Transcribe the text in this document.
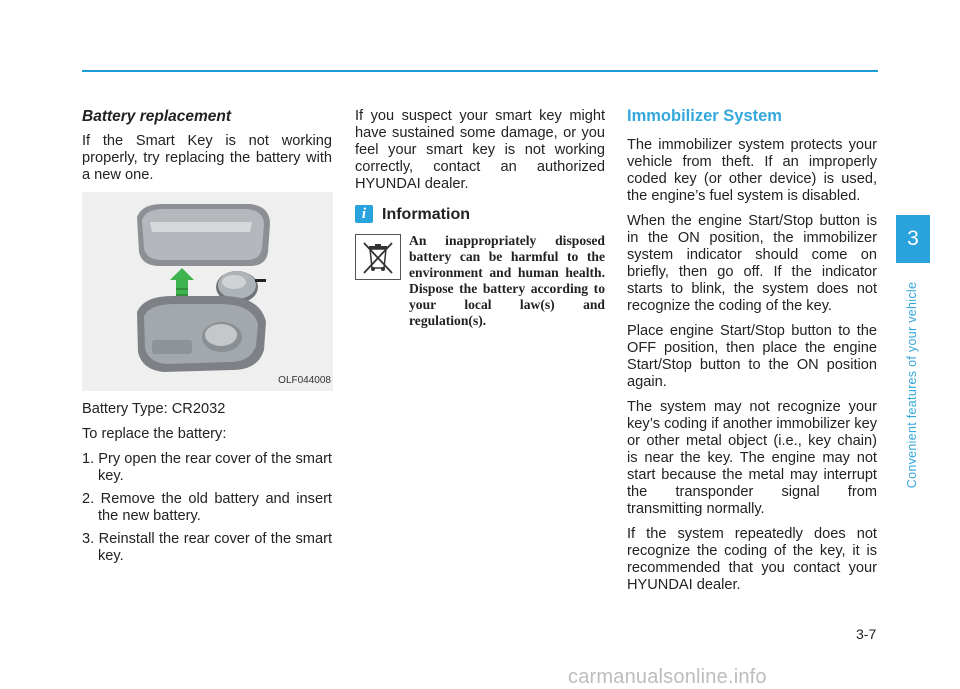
Battery replacement

If the Smart Key is not working properly, try replacing the battery with a new one.

OLF044008

Battery Type: CR2032

To replace the battery:

1. Pry open the rear cover of the smart key.
2. Remove the old battery and insert the new battery.
3. Reinstall the rear cover of the smart key.

If you suspect your smart key might have sustained some damage, or you feel your smart key is not working correctly, contact an authorized HYUNDAI dealer.

i Information
An inappropriately disposed battery can be harmful to the environment and human health. Dispose the battery according to your local law(s) and regulation(s).
Immobilizer System

The immobilizer system protects your vehicle from theft. If an improperly coded key (or other device) is used, the engine’s fuel system is disabled.

When the engine Start/Stop button is in the ON position, the immobilizer system indicator should come on briefly, then go off. If the indicator starts to blink, the system does not recognize the coding of the key.

Place engine Start/Stop button to the OFF position, then place the engine Start/Stop button to the ON position again.

The system may not recognize your key’s coding if another immobilizer key or other metal object (i.e., key chain) is near the key. The engine may not start because the metal may interrupt the transponder signal from transmitting normally.

If the system repeatedly does not recognize the coding of the key, it is recommended that you contact your HYUNDAI dealer.

3
Convenient features of your vehicle
3-7
carmanualsonline.info
